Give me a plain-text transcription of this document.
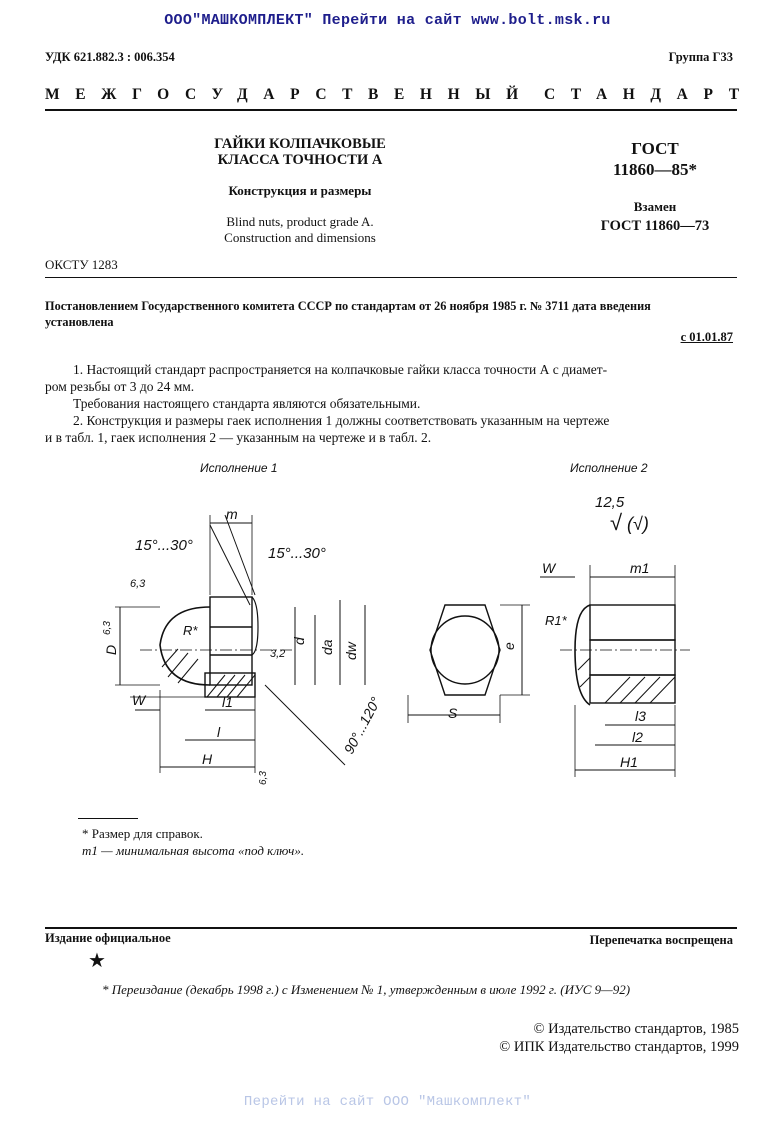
ООО"МАШКОМПЛЕКТ" Перейти на сайт www.bolt.msk.ru
УДК 621.882.3 : 006.354	Группа Г33
МЕЖГОСУДАРСТВЕННЫЙ СТАНДАРТ
ГАЙКИ КОЛПАЧКОВЫЕ
КЛАССА ТОЧНОСТИ А
Конструкция и размеры
Blind nuts, product grade A.
Construction and dimensions
ГОСТ
11860—85*
Взамен
ГОСТ 11860—73
ОКСТУ 1283
Постановлением Государственного комитета СССР по стандартам от 26 ноября 1985 г. № 3711 дата введения
установлена
с 01.01.87
1. Настоящий стандарт распространяется на колпачковые гайки класса точности А с диамет-
ром резьбы от 3 до 24 мм.
Требования настоящего стандарта являются обязательными.
2. Конструкция и размеры гаек исполнения 1 должны соответствовать указанным на чертеже
и в табл. 1, гаек исполнения 2 — указанным на чертеже и в табл. 2.
Исполнение 1	Исполнение 2
m
15°...30°	15°...30°
6,3
6,3
3,2
6,3
R*
D
d da dw
l1
l
H
W	90°...120°	S
e
12,5
√ (√)
W	m1
R1*
l3
l2
H1
* Размер для справок.
m1 — минимальная высота «под ключ».
Издание официальное	Перепечатка воспрещена
★
* Переиздание (декабрь 1998 г.) с Изменением № 1, утвержденным в июле 1992 г. (ИУС 9—92)
© Издательство стандартов, 1985
© ИПК Издательство стандартов, 1999
Перейти на сайт ООО "Машкомплект"
